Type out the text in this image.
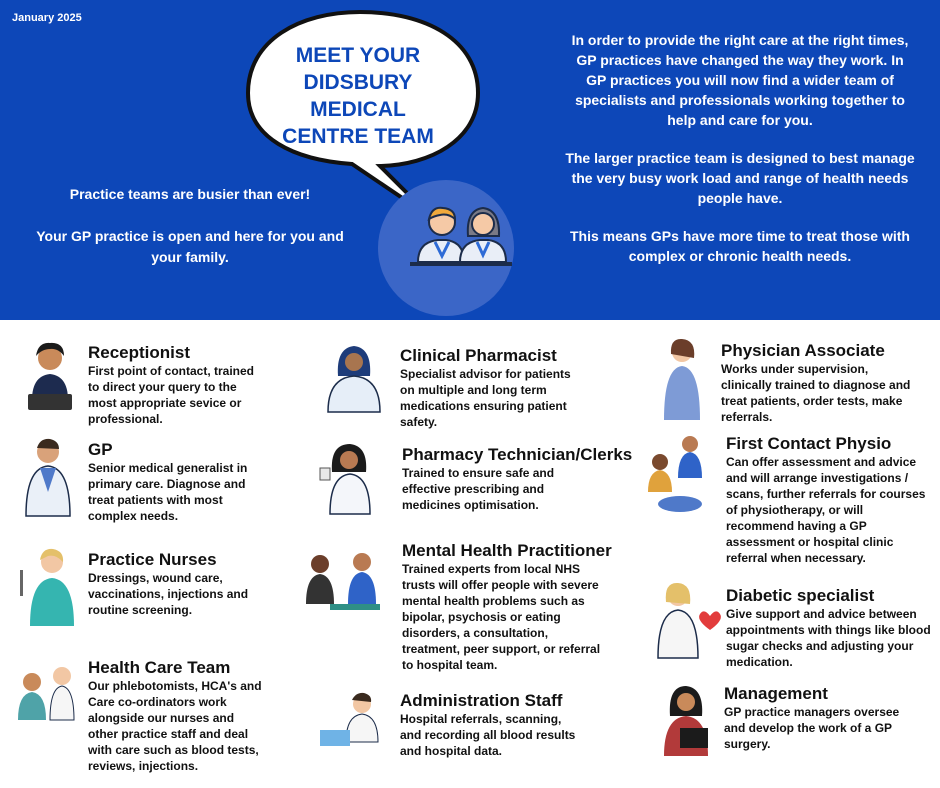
January 2025
MEET YOUR
DIDSBURY MEDICAL
CENTRE TEAM

Practice teams are busier than ever!

Your GP practice is open and here for you and your family.

In order to provide the right care at the right times, GP practices have changed the way they work. In GP practices you will now find a wider team of specialists and professionals working together to help and care for you.

The larger practice team is designed to best manage the very busy work load and range of health needs people have.

This means GPs have more time to treat those with complex or chronic health needs.

Receptionist

First point of contact, trained to direct your query to the most appropriate sevice or professional.

GP

Senior medical generalist in primary care. Diagnose and treat patients with most complex needs.

Practice Nurses

Dressings, wound care, vaccinations, injections and routine screening.

Health Care Team

Our phlebotomists, HCA's and Care co-ordinators work alongside our nurses and other practice staff and deal with care such as blood tests, reviews, injections.

Clinical Pharmacist

Specialist advisor for patients on multiple and long term medications ensuring patient safety.

Pharmacy Technician/Clerks

Trained to ensure safe and effective prescribing and medicines optimisation.

Mental Health Practitioner

Trained experts from local NHS trusts will offer people with severe mental health problems such as bipolar, psychosis or eating disorders, a consultation, treatment, peer support, or referral to hospital team.

Administration Staff

Hospital referrals, scanning, and recording all blood results and hospital data.

Physician Associate

Works under supervision, clinically trained to diagnose and treat patients, order tests, make referrals.

First Contact Physio

Can offer assessment and advice and will arrange investigations / scans, further referrals for courses of physiotherapy, or will recommend having a GP assessment or hospital clinic referral when necessary.

Diabetic specialist

Give support and advice between appointments with things like blood sugar checks and adjusting your medication.

Management

GP practice managers oversee and develop the work of a GP surgery.
